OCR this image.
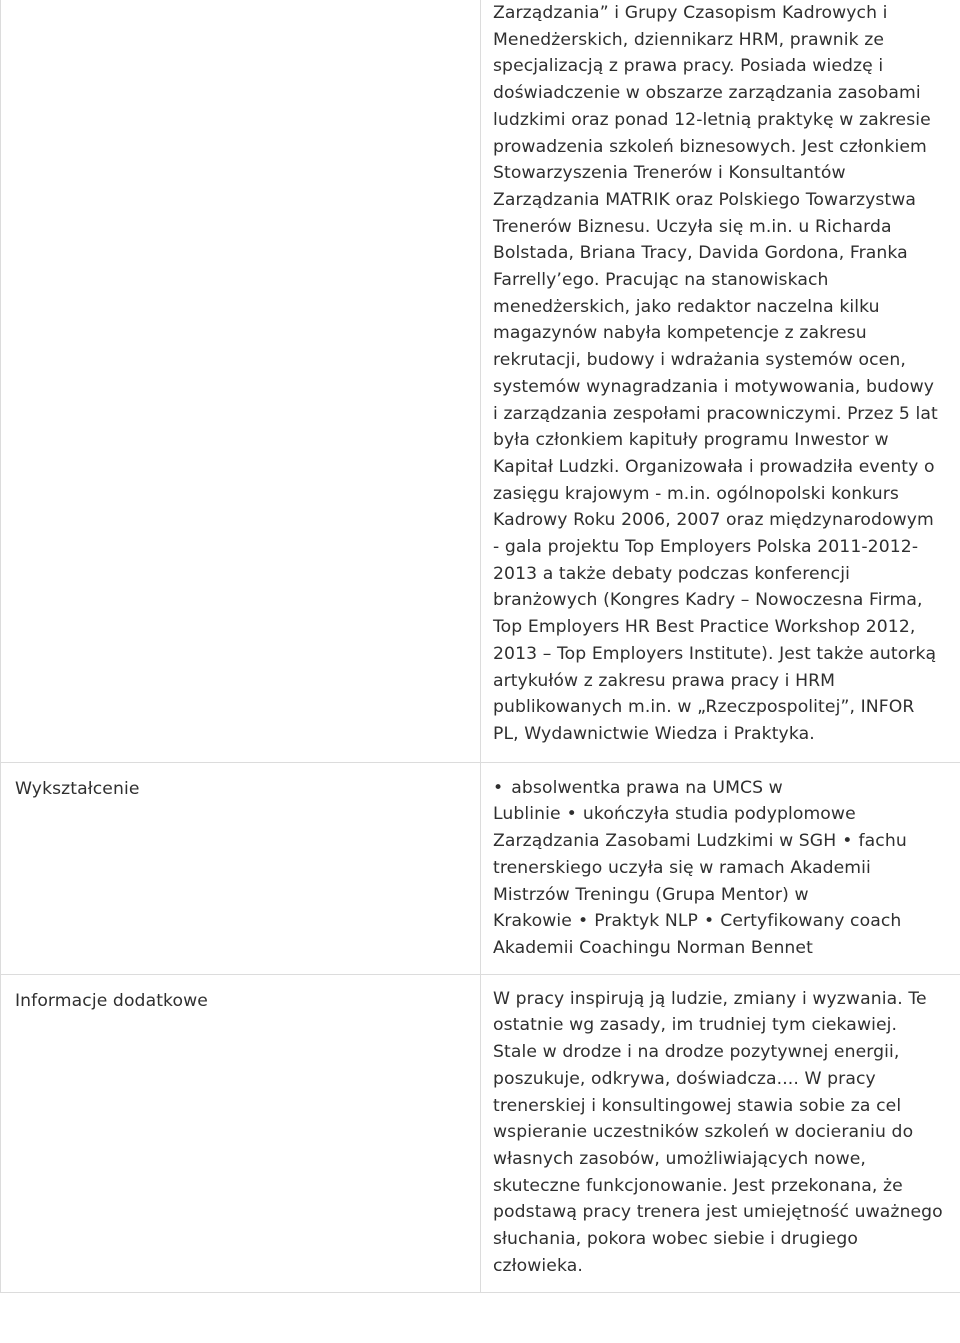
	Zarządzania” i Grupy Czasopism Kadrowych i Menedżerskich, dziennikarz HRM, prawnik ze specjalizacją z prawa pracy. Posiada wiedzę i doświadczenie w obszarze zarządzania zasobami ludzkimi oraz ponad 12-letnią praktykę w zakresie prowadzenia szkoleń biznesowych. Jest członkiem Stowarzyszenia Trenerów i Konsultantów Zarządzania MATRIK oraz Polskiego Towarzystwa Trenerów Biznesu. Uczyła się m.in. u Richarda Bolstada, Briana Tracy, Davida Gordona, Franka Farrelly’ego. Pracując na stanowiskach menedżerskich, jako redaktor naczelna kilku magazynów nabyła kompetencje z zakresu rekrutacji, budowy i wdrażania systemów ocen, systemów wynagradzania i motywowania, budowy i zarządzania zespołami pracowniczymi. Przez 5 lat była członkiem kapituły programu Inwestor w Kapitał Ludzki. Organizowała i prowadziła eventy o zasięgu krajowym - m.in. ogólnopolski konkurs Kadrowy Roku 2006, 2007 oraz międzynarodowym - gala projektu Top Employers Polska 2011-2012-2013 a także debaty podczas konferencji branżowych (Kongres Kadry – Nowoczesna Firma, Top Employers HR Best Practice Workshop 2012, 2013 – Top Employers Institute). Jest także autorką artykułów z zakresu prawa pracy i HRM publikowanych m.in. w „Rzeczpospolitej”, INFOR PL, Wydawnictwie Wiedza i Praktyka.
Wykształcenie	• absolwentka prawa na UMCS w Lublinie • ukończyła studia podyplomowe Zarządzania Zasobami Ludzkimi w SGH • fachu trenerskiego uczyła się w ramach Akademii Mistrzów Treningu (Grupa Mentor) w Krakowie • Praktyk NLP • Certyfikowany coach Akademii Coachingu Norman Bennet
Informacje dodatkowe	W pracy inspirują ją ludzie, zmiany i wyzwania. Te ostatnie wg zasady, im trudniej tym ciekawiej. Stale w drodze i na drodze pozytywnej energii, poszukuje, odkrywa, doświadcza.... W pracy trenerskiej i konsultingowej stawia sobie za cel wspieranie uczestników szkoleń w docieraniu do własnych zasobów, umożliwiających nowe, skuteczne funkcjonowanie. Jest przekonana, że podstawą pracy trenera jest umiejętność uważnego słuchania, pokora wobec siebie i drugiego człowieka.
